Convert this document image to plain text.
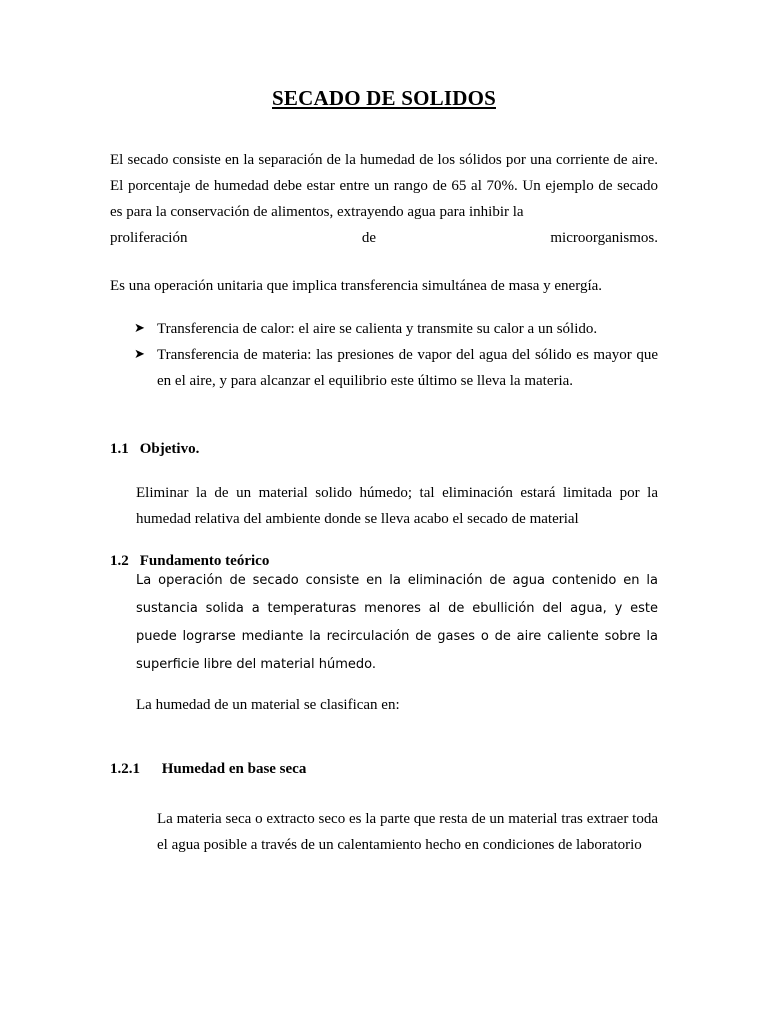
SECADO DE SOLIDOS
El secado consiste en la separación de la humedad de los sólidos por una corriente de aire. El porcentaje de humedad debe estar entre un rango de 65 al 70%. Un ejemplo de secado es para la conservación de alimentos, extrayendo agua para inhibir la
proliferación de microorganismos.
Es una operación unitaria que implica transferencia simultánea de masa y energía.
➤ Transferencia de calor: el aire se calienta y transmite su calor a un sólido.
➤ Transferencia de materia: las presiones de vapor del agua del sólido es mayor que en el aire, y para alcanzar el equilibrio este último se lleva la materia.
1.1 Objetivo.
Eliminar la de un material solido húmedo; tal eliminación estará limitada por la humedad relativa del ambiente donde se lleva acabo el secado de material
1.2 Fundamento teórico
La operación de secado consiste en la eliminación de agua contenido en la sustancia solida a temperaturas menores al de ebullición del agua, y este puede lograrse mediante la recirculación de gases o de aire caliente sobre la superficie libre del material húmedo.
La humedad de un material se clasifican en:
1.2.1 Humedad en base seca
La materia seca o extracto seco es la parte que resta de un material tras extraer toda el agua posible a través de un calentamiento hecho en condiciones de laboratorio
